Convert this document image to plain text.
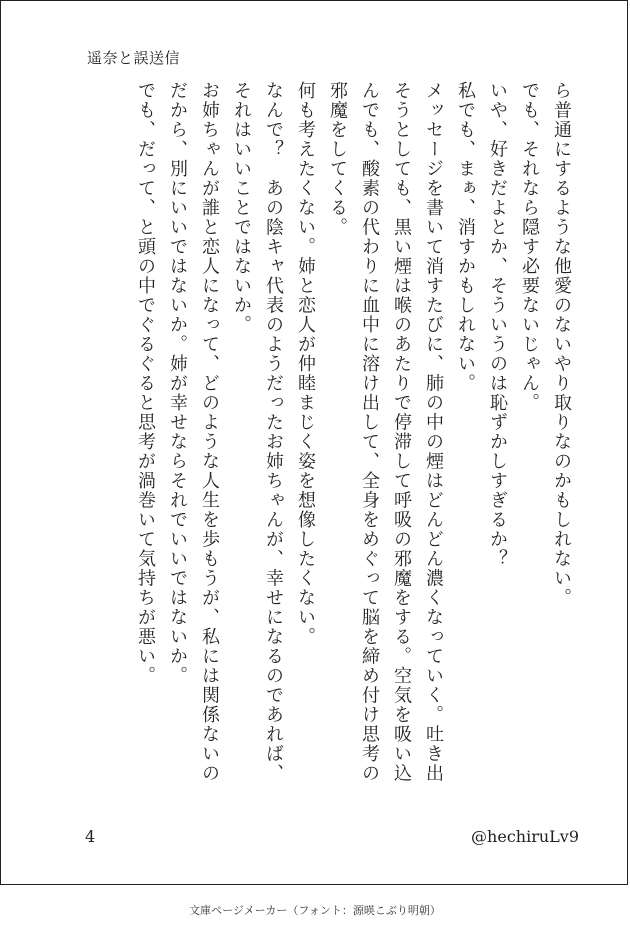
遥奈と誤送信

ら普通にするような他愛のないやり取りなのかもしれない。

でも、それなら隠す必要ないじゃん。

いや、好きだよとか、そういうのは恥ずかしすぎるか？

私でも、まぁ、消すかもしれない。

メッセージを書いて消すたびに、肺の中の煙はどんどん濃くなっていく。吐き出そうとしても、黒い煙は喉のあたりで停滞して呼吸の邪魔をする。空気を吸い込んでも、酸素の代わりに血中に溶け出して、全身をめぐって脳を締め付け思考の邪魔をしてくる。

何も考えたくない。姉と恋人が仲睦まじく姿を想像したくない。

なんで？　あの陰キャ代表のようだったお姉ちゃんが、幸せになるのであれば、それはいいことではないか。

お姉ちゃんが誰と恋人になって、どのような人生を歩もうが、私には関係ないのだから、別にいいではないか。姉が幸せならそれでいいではないか。

でも、だって、と頭の中でぐるぐると思考が渦巻いて気持ちが悪い。

4	@hechiruLv9
文庫ページメーカー（フォント：源暎こぶり明朝）
